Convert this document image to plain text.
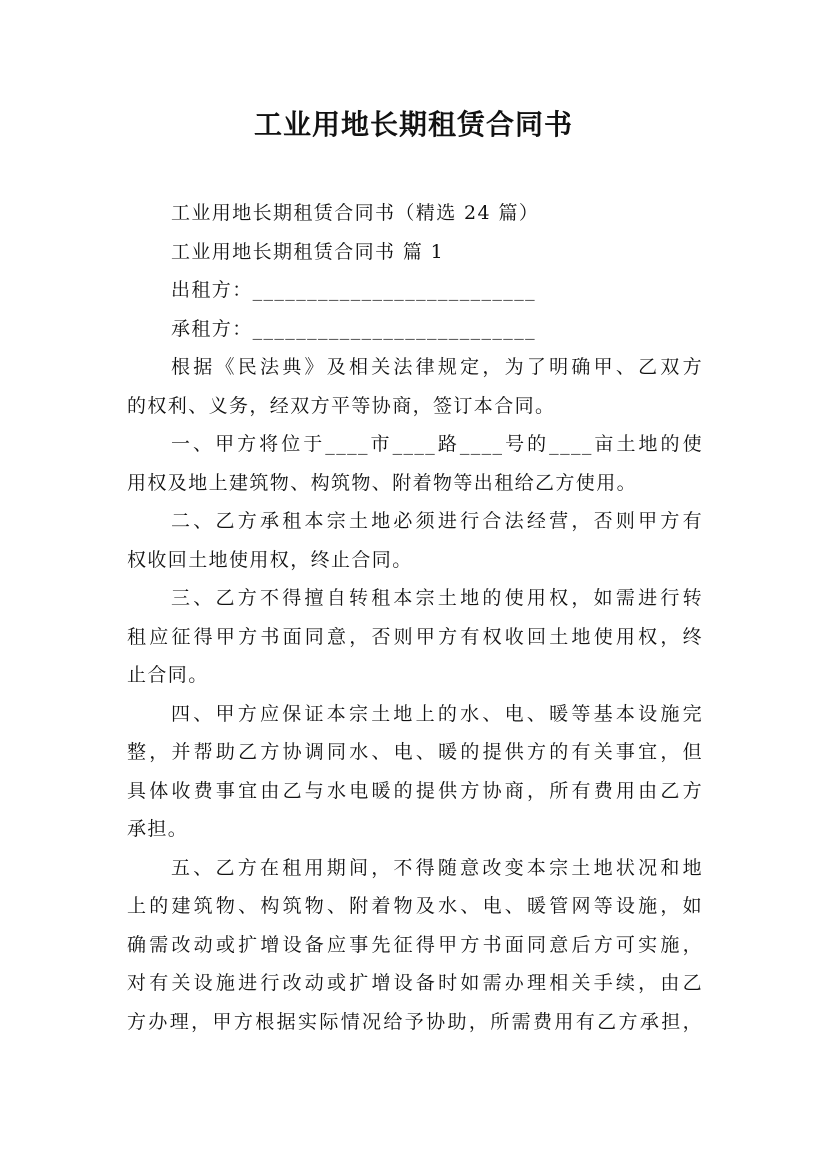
工业用地长期租赁合同书
工业用地长期租赁合同书（精选 24 篇）
工业用地长期租赁合同书 篇 1
出租方：__________________________
承租方：__________________________
根据《民法典》及相关法律规定，为了明确甲、乙双方
的权利、义务，经双方平等协商，签订本合同。
一、甲方将位于____市____路____号的____亩土地的使
用权及地上建筑物、构筑物、附着物等出租给乙方使用。
二、乙方承租本宗土地必须进行合法经营，否则甲方有
权收回土地使用权，终止合同。
三、乙方不得擅自转租本宗土地的使用权，如需进行转
租应征得甲方书面同意，否则甲方有权收回土地使用权，终
止合同。
四、甲方应保证本宗土地上的水、电、暖等基本设施完
整，并帮助乙方协调同水、电、暖的提供方的有关事宜，但
具体收费事宜由乙与水电暖的提供方协商，所有费用由乙方
承担。
五、乙方在租用期间，不得随意改变本宗土地状况和地
上的建筑物、构筑物、附着物及水、电、暖管网等设施，如
确需改动或扩增设备应事先征得甲方书面同意后方可实施，
对有关设施进行改动或扩增设备时如需办理相关手续，由乙
方办理，甲方根据实际情况给予协助，所需费用有乙方承担，
